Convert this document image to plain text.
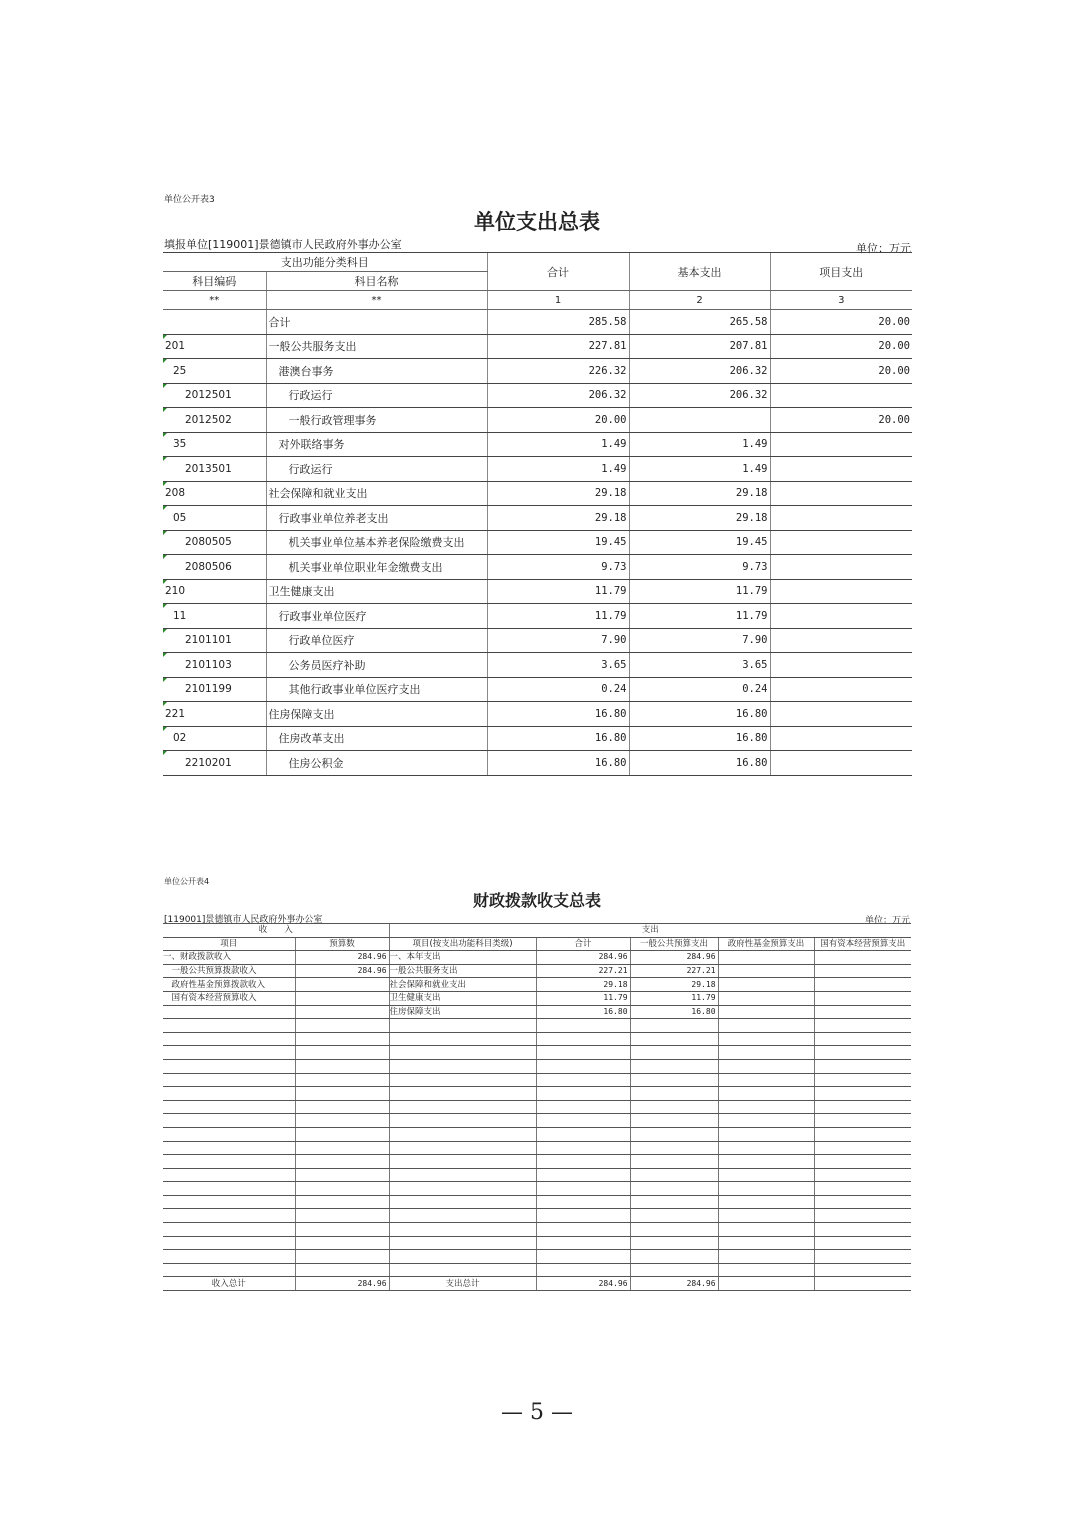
单位公开表3
单位支出总表
填报单位[119001]景德镇市人民政府外事办公室	单位：万元
支出功能分类科目		合计	基本支出	项目支出
科目编码	科目名称			
**	**	1	2	3
	合计	285.58	265.58	20.00

201	一般公共服务支出	227.81	207.81	20.00

25	港澳台事务	226.32	206.32	20.00

2012501	行政运行	206.32	206.32	

2012502	一般行政管理事务	20.00		20.00

35	对外联络事务	1.49	1.49	

2013501	行政运行	1.49	1.49	

208	社会保障和就业支出	29.18	29.18	

05	行政事业单位养老支出	29.18	29.18	

2080505	机关事业单位基本养老保险缴费支出	19.45	19.45	

2080506	机关事业单位职业年金缴费支出	9.73	9.73	

210	卫生健康支出	11.79	11.79	

11	行政事业单位医疗	11.79	11.79	

2101101	行政单位医疗	7.90	7.90	

2101103	公务员医疗补助	3.65	3.65	

2101199	其他行政事业单位医疗支出	0.24	0.24	

221	住房保障支出	16.80	16.80	

02	住房改革支出	16.80	16.80	

2210201	住房公积金	16.80	16.80	
单位公开表4
财政拨款收支总表
[119001]景德镇市人民政府外事办公室	单位：万元
收　　入		支出				
项目	预算数	项目(按支出功能科目类级)	合计	一般公共预算支出	政府性基金预算支出	国有资本经营预算支出
一、财政拨款收入	284.96	一、本年支出	284.96	284.96		
　一般公共预算拨款收入	284.96	一般公共服务支出	227.21	227.21		
　政府性基金预算拨款收入		社会保障和就业支出	29.18	29.18		
　国有资本经营预算收入		卫生健康支出	11.79	11.79		
		住房保障支出	16.80	16.80		

收入总计	284.96	支出总计	284.96	284.96		
— 5 —
